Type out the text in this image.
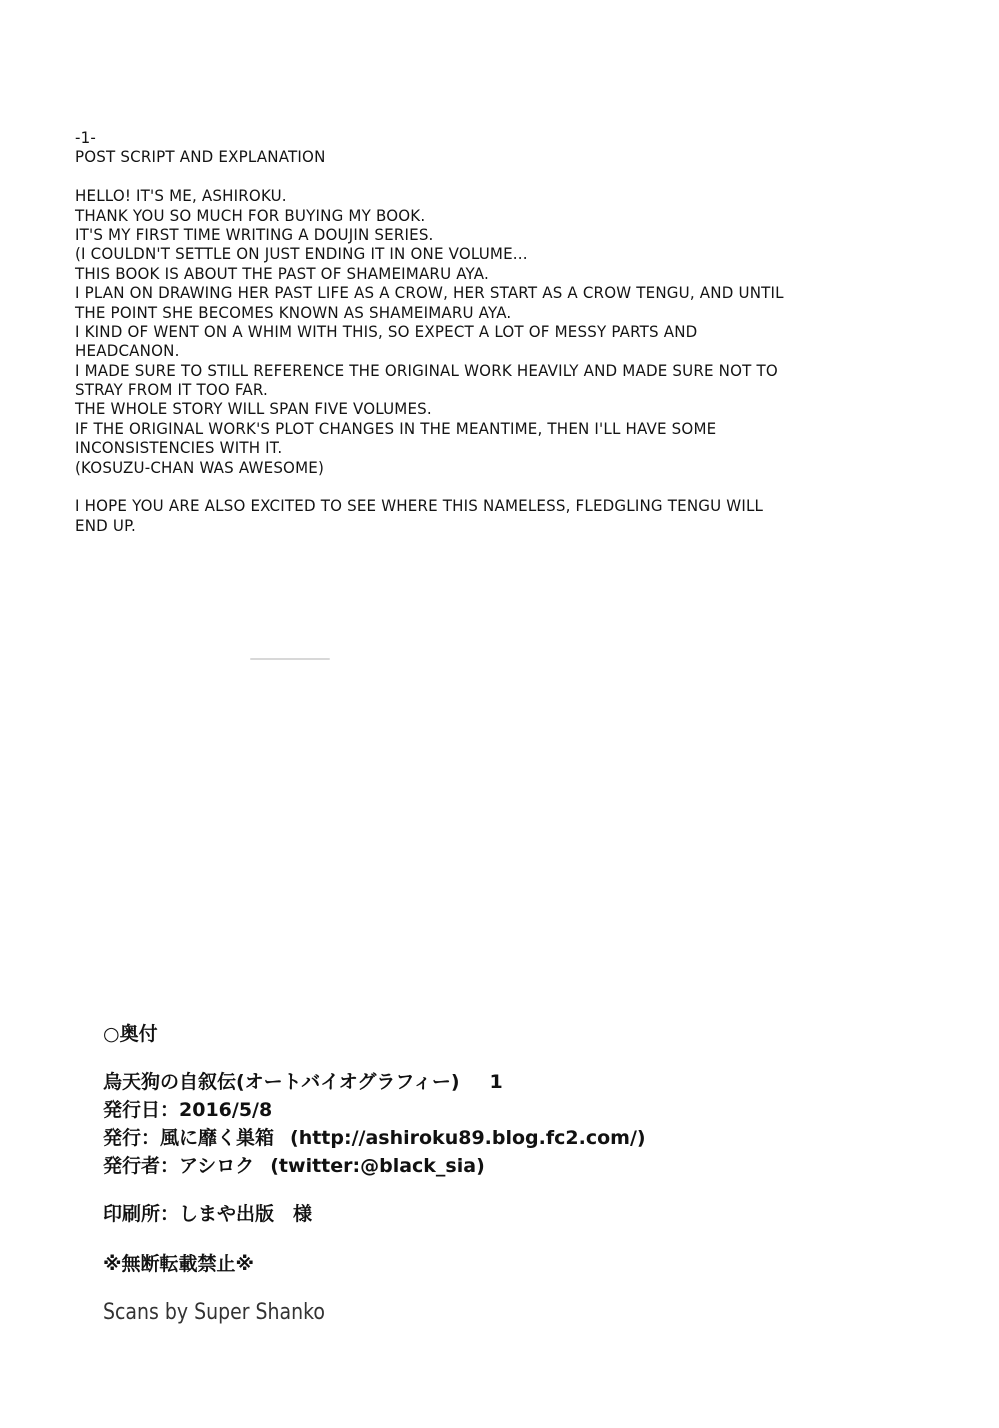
-1-
POST SCRIPT AND EXPLANATION
HELLO! IT'S ME, ASHIROKU.
THANK YOU SO MUCH FOR BUYING MY BOOK.
IT'S MY FIRST TIME WRITING A DOUJIN SERIES.
(I COULDN'T SETTLE ON JUST ENDING IT IN ONE VOLUME...
THIS BOOK IS ABOUT THE PAST OF SHAMEIMARU AYA.
I PLAN ON DRAWING HER PAST LIFE AS A CROW, HER START AS A CROW TENGU, AND UNTIL
THE POINT SHE BECOMES KNOWN AS SHAMEIMARU AYA.
I KIND OF WENT ON A WHIM WITH THIS, SO EXPECT A LOT OF MESSY PARTS AND
HEADCANON.
I MADE SURE TO STILL REFERENCE THE ORIGINAL WORK HEAVILY AND MADE SURE NOT TO
STRAY FROM IT TOO FAR.
THE WHOLE STORY WILL SPAN FIVE VOLUMES.
IF THE ORIGINAL WORK'S PLOT CHANGES IN THE MEANTIME, THEN I'LL HAVE SOME
INCONSISTENCIES WITH IT.
(KOSUZU-CHAN WAS AWESOME)
I HOPE YOU ARE ALSO EXCITED TO SEE WHERE THIS NAMELESS, FLEDGLING TENGU WILL
END UP.
○奥付
烏天狗の自叙伝(オートバイオグラフィー) 1
発行日：2016/5/8
発行：風に靡く巣箱 (http://ashiroku89.blog.fc2.com/)
発行者：アシロク (twitter:@black_sia)
印刷所：しまや出版　様
※無断転載禁止※
Scans by Super Shanko
